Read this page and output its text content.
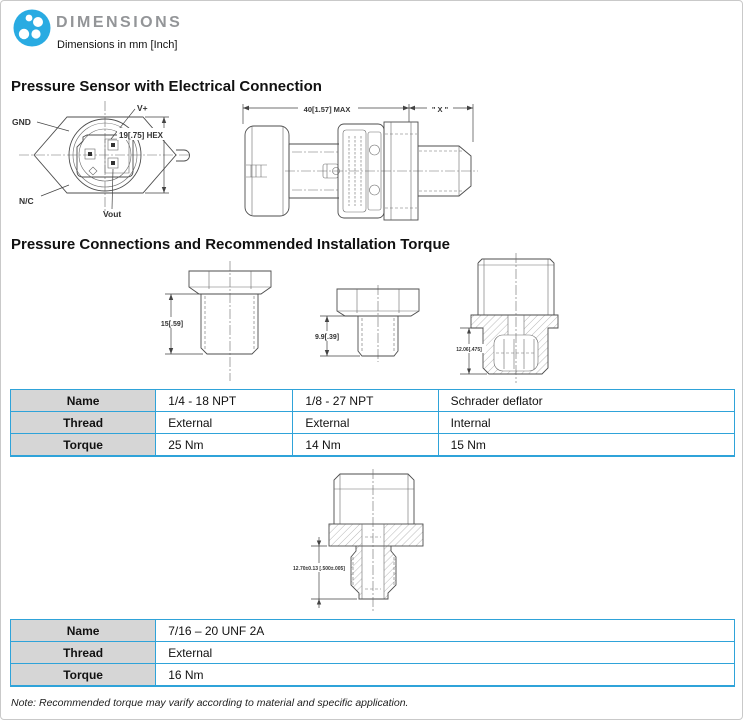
DIMENSIONS
Dimensions in mm [Inch]
Pressure Sensor with Electrical Connection
19[.75] HEX
GND
V+
N/C
Vout
40[1.57] MAX	" X "
Pressure Connections and Recommended Installation Torque
15[.59]
9.9[.39]
12.06[.475]
Name	1/4 - 18 NPT	1/8 - 27 NPT	Schrader deflator
Thread	External	External	Internal
Torque	25 Nm	14 Nm	15 Nm
12.70±0.13 [.500±.005]
Name	7/16 – 20 UNF 2A
Thread	External
Torque	16 Nm
Note: Recommended torque may varify according to material and specific application.
